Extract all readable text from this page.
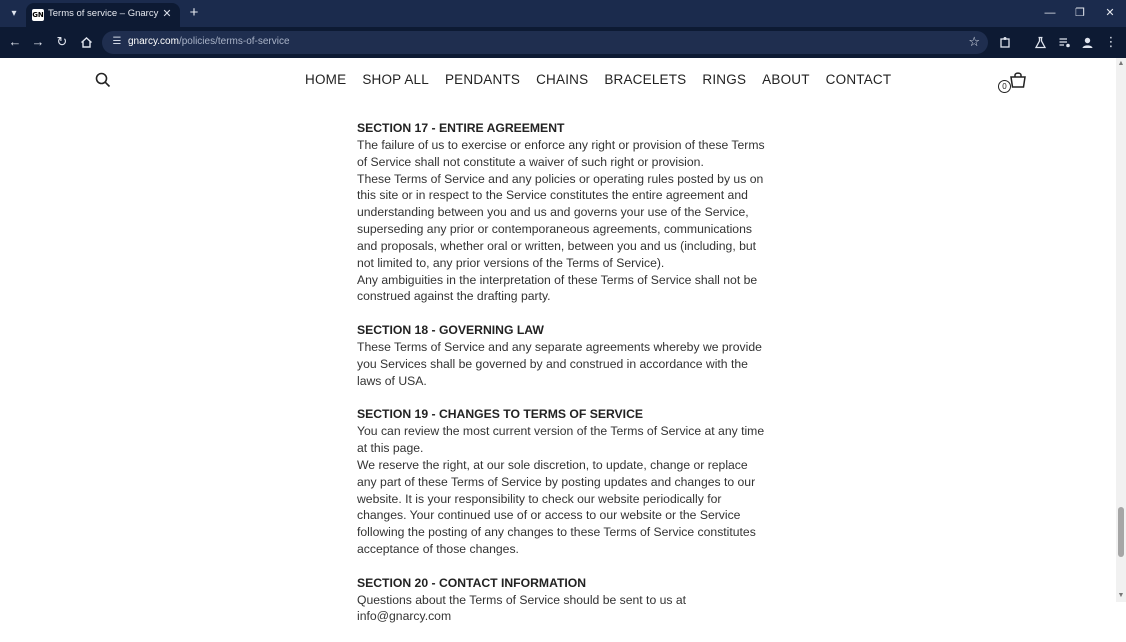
▾	GN Terms of service – Gnarcy ✕ +	—	❐	✕
← → ↻	☰ gnarcy.com/policies/terms-of-service	☆	⋮
HOME SHOP ALL PENDANTS CHAINS BRACELETS RINGS ABOUT CONTACT	0
▲
▼
SECTION 17 - ENTIRE AGREEMENT

The failure of us to exercise or enforce any right or provision of these Terms of Service shall not constitute a waiver of such right or provision.

These Terms of Service and any policies or operating rules posted by us on this site or in respect to the Service constitutes the entire agreement and understanding between you and us and governs your use of the Service, superseding any prior or contemporaneous agreements, communications and proposals, whether oral or written, between you and us (including, but not limited to, any prior versions of the Terms of Service).

Any ambiguities in the interpretation of these Terms of Service shall not be construed against the drafting party.

SECTION 18 - GOVERNING LAW

These Terms of Service and any separate agreements whereby we provide you Services shall be governed by and construed in accordance with the laws of USA.

SECTION 19 - CHANGES TO TERMS OF SERVICE

You can review the most current version of the Terms of Service at any time at this page.

We reserve the right, at our sole discretion, to update, change or replace any part of these Terms of Service by posting updates and changes to our website. It is your responsibility to check our website periodically for changes. Your continued use of or access to our website or the Service following the posting of any changes to these Terms of Service constitutes acceptance of those changes.

SECTION 20 - CONTACT INFORMATION

Questions about the Terms of Service should be sent to us at info@gnarcy.com
